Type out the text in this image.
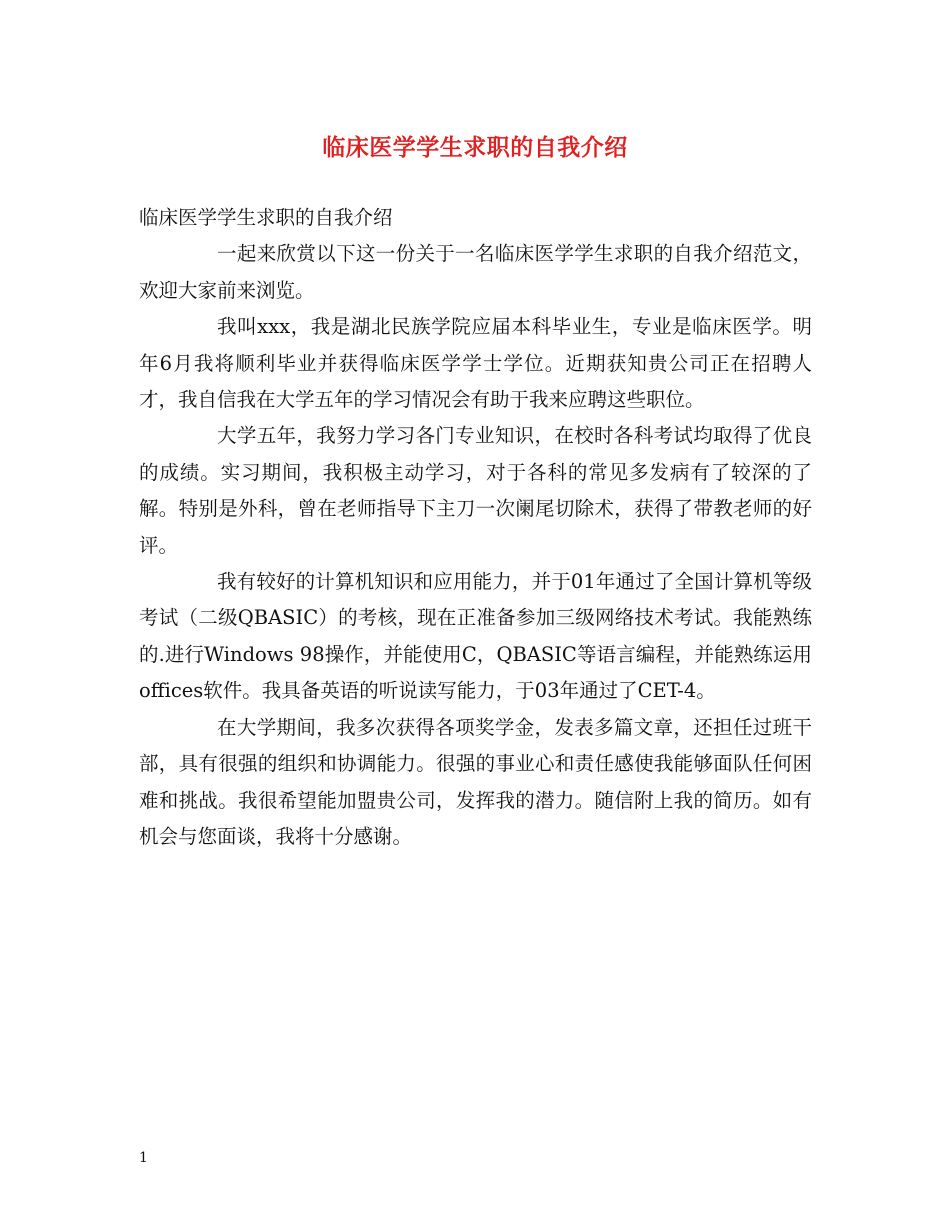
临床医学学生求职的自我介绍

临床医学学生求职的自我介绍

一起来欣赏以下这一份关于一名临床医学学生求职的自我介绍范文，欢迎大家前来浏览。

我叫xxx，我是湖北民族学院应届本科毕业生，专业是临床医学。明年6月我将顺利毕业并获得临床医学学士学位。近期获知贵公司正在招聘人才，我自信我在大学五年的学习情况会有助于我来应聘这些职位。

大学五年，我努力学习各门专业知识，在校时各科考试均取得了优良的成绩。实习期间，我积极主动学习，对于各科的常见多发病有了较深的了解。特别是外科，曾在老师指导下主刀一次阑尾切除术，获得了带教老师的好评。

我有较好的计算机知识和应用能力，并于01年通过了全国计算机等级考试（二级QBASIC）的考核，现在正准备参加三级网络技术考试。我能熟练的.进行Windows 98操作，并能使用C，QBASIC等语言编程，并能熟练运用offices软件。我具备英语的听说读写能力，于03年通过了CET-4。

在大学期间，我多次获得各项奖学金，发表多篇文章，还担任过班干部，具有很强的组织和协调能力。很强的事业心和责任感使我能够面队任何困难和挑战。我很希望能加盟贵公司，发挥我的潜力。随信附上我的简历。如有机会与您面谈，我将十分感谢。

1
